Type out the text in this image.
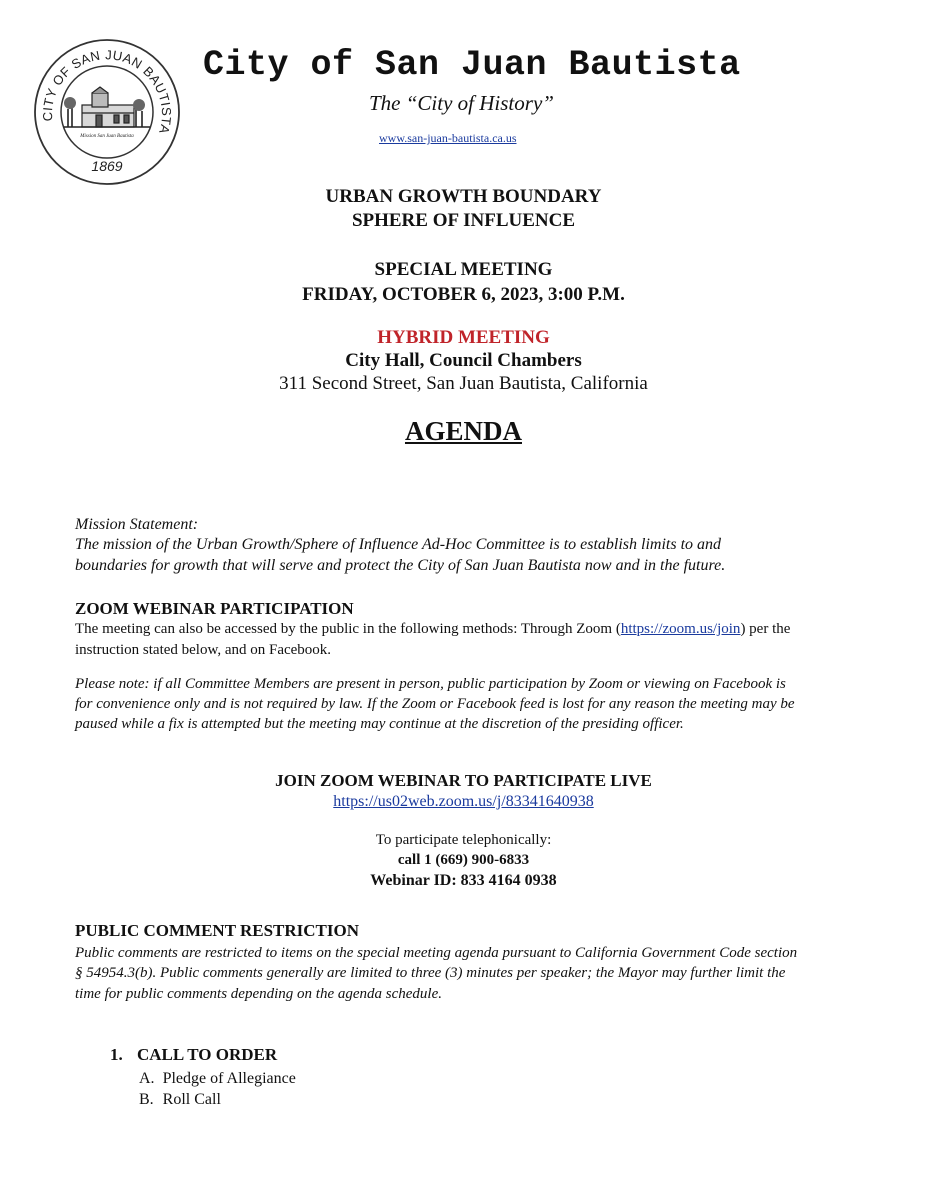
CITY OF SAN JUAN BAUTISTA
Mission San Juan Bautista
1869
City of San Juan Bautista
The “City of History”
www.san-juan-bautista.ca.us
URBAN GROWTH BOUNDARY
SPHERE OF INFLUENCE
SPECIAL MEETING
FRIDAY, OCTOBER 6, 2023, 3:00 P.M.
HYBRID MEETING
City Hall, Council Chambers
311 Second Street, San Juan Bautista, California
AGENDA
Mission Statement:
The mission of the Urban Growth/Sphere of Influence Ad-Hoc Committee is to establish limits to and
boundaries for growth that will serve and protect the City of San Juan Bautista now and in the future.
ZOOM WEBINAR PARTICIPATION
The meeting can also be accessed by the public in the following methods: Through Zoom (https://zoom.us/join) per the
instruction stated below, and on Facebook.
Please note: if all Committee Members are present in person, public participation by Zoom or viewing on Facebook is
for convenience only and is not required by law. If the Zoom or Facebook feed is lost for any reason the meeting may be
paused while a fix is attempted but the meeting may continue at the discretion of the presiding officer.
JOIN ZOOM WEBINAR TO PARTICIPATE LIVE
https://us02web.zoom.us/j/83341640938
To participate telephonically:
call 1 (669) 900-6833
Webinar ID: 833 4164 0938
PUBLIC COMMENT RESTRICTION
Public comments are restricted to items on the special meeting agenda pursuant to California Government Code section
§ 54954.3(b). Public comments generally are limited to three (3) minutes per speaker; the Mayor may further limit the
time for public comments depending on the agenda schedule.
1. CALL TO ORDER
A. Pledge of Allegiance
B. Roll Call
